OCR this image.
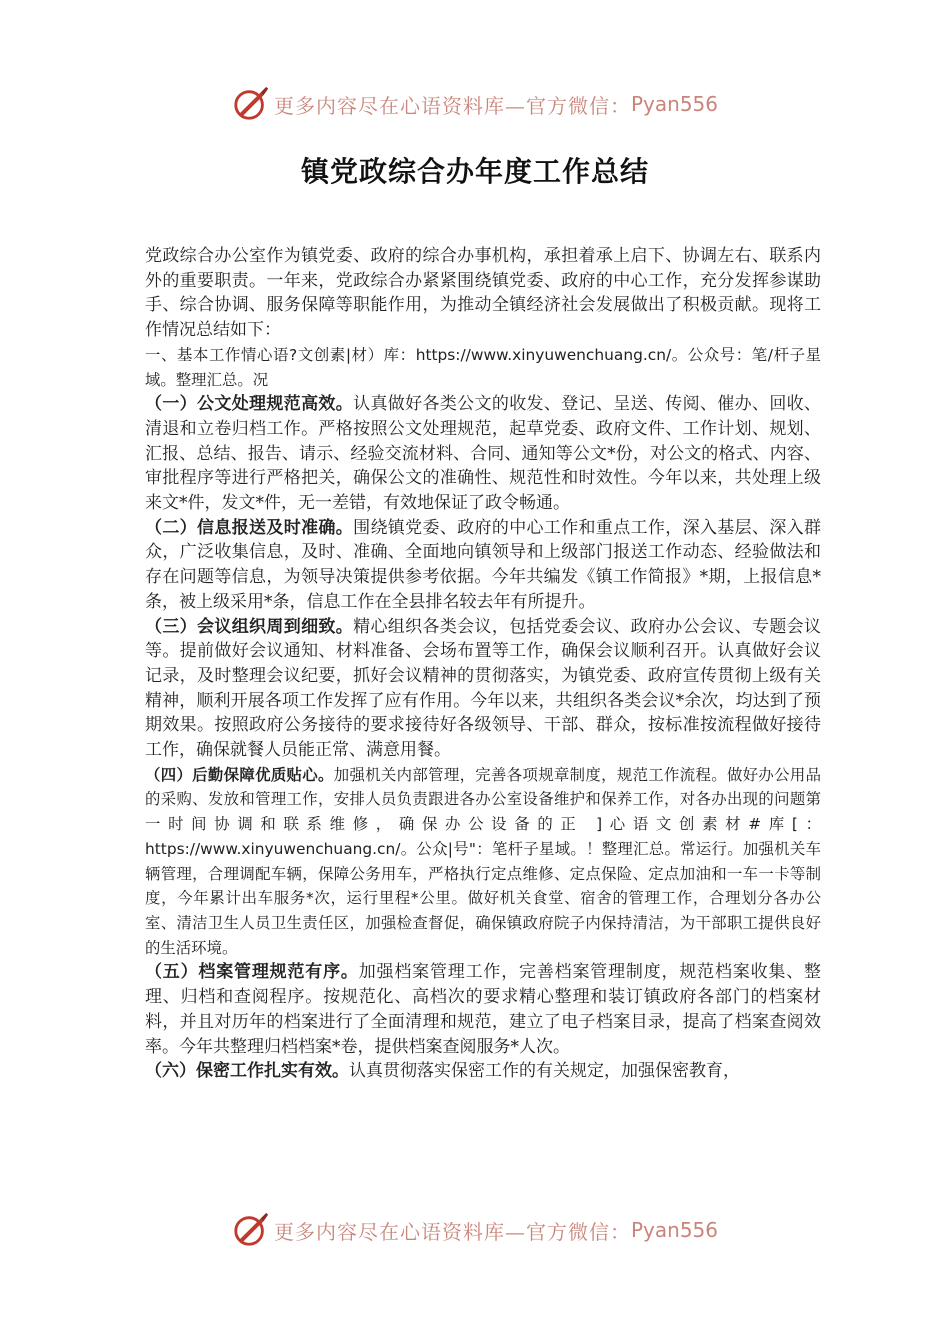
更多内容尽在心语资料库—官方微信： Pyan556
镇党政综合办年度工作总结

党政综合办公室作为镇党委、政府的综合办事机构，承担着承上启下、协调左右、联系内外的重要职责。一年来，党政综合办紧紧围绕镇党委、政府的中心工作，充分发挥参谋助手、综合协调、服务保障等职能作用，为推动全镇经济社会发展做出了积极贡献。现将工作情况总结如下：

一、基本工作情心语?文创素|材）库：https://www.xinyuwenchuang.cn/。公众号：笔/杆子星域。整理汇总。况

（一）公文处理规范高效。认真做好各类公文的收发、登记、呈送、传阅、催办、回收、清退和立卷归档工作。严格按照公文处理规范，起草党委、政府文件、工作计划、规划、汇报、总结、报告、请示、经验交流材料、合同、通知等公文*份，对公文的格式、内容、审批程序等进行严格把关，确保公文的准确性、规范性和时效性。今年以来，共处理上级来文*件，发文*件，无一差错，有效地保证了政令畅通。

（二）信息报送及时准确。围绕镇党委、政府的中心工作和重点工作，深入基层、深入群众，广泛收集信息，及时、准确、全面地向镇领导和上级部门报送工作动态、经验做法和存在问题等信息，为领导决策提供参考依据。今年共编发《镇工作简报》*期，上报信息*条，被上级采用*条，信息工作在全县排名较去年有所提升。

（三）会议组织周到细致。精心组织各类会议，包括党委会议、政府办公会议、专题会议等。提前做好会议通知、材料准备、会场布置等工作，确保会议顺利召开。认真做好会议记录，及时整理会议纪要，抓好会议精神的贯彻落实，为镇党委、政府宣传贯彻上级有关精神，顺利开展各项工作发挥了应有作用。今年以来，共组织各类会议*余次，均达到了预期效果。按照政府公务接待的要求接待好各级领导、干部、群众，按标准按流程做好接待工作，确保就餐人员能正常、满意用餐。

（四）后勤保障优质贴心。加强机关内部管理，完善各项规章制度，规范工作流程。做好办公用品的采购、发放和管理工作，安排人员负责跟进各办公室设备维护和保养工作，对各办出现的问题第一时间协调和联系维修，确保办公设备的正 ]心语文创素材#库[：https://www.xinyuwenchuang.cn/。公众|号"：笔杆子星域。！整理汇总。常运行。加强机关车辆管理，合理调配车辆，保障公务用车，严格执行定点维修、定点保险、定点加油和一车一卡等制度，今年累计出车服务*次，运行里程*公里。做好机关食堂、宿舍的管理工作，合理划分各办公室、清洁卫生人员卫生责任区，加强检查督促，确保镇政府院子内保持清洁，为干部职工提供良好的生活环境。

（五）档案管理规范有序。加强档案管理工作，完善档案管理制度，规范档案收集、整理、归档和查阅程序。按规范化、高档次的要求精心整理和装订镇政府各部门的档案材料，并且对历年的档案进行了全面清理和规范，建立了电子档案目录，提高了档案查阅效率。今年共整理归档档案*卷，提供档案查阅服务*人次。

（六）保密工作扎实有效。认真贯彻落实保密工作的有关规定，加强保密教育，

更多内容尽在心语资料库—官方微信： Pyan556
